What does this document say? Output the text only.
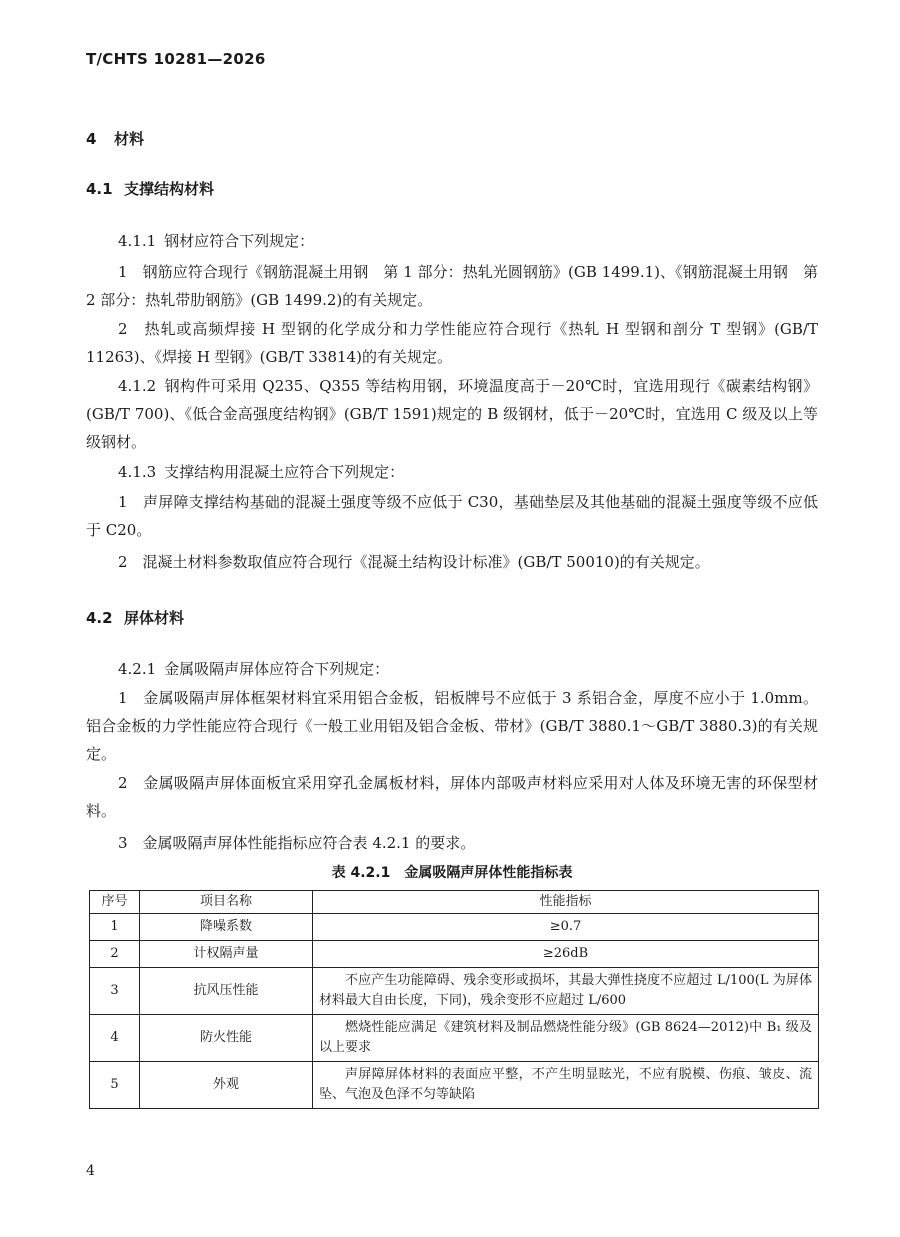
T/CHTS 10281—2026
4 材料
4.1 支撑结构材料

4.1.1 钢材应符合下列规定：

1　钢筋应符合现行《钢筋混凝土用钢　第 1 部分：热轧光圆钢筋》(GB 1499.1)、《钢筋混凝土用钢　第2 部分：热轧带肋钢筋》(GB 1499.2)的有关规定。

2　热轧或高频焊接 H 型钢的化学成分和力学性能应符合现行《热轧 H 型钢和剖分 T 型钢》(GB/T 11263)、《焊接 H 型钢》(GB/T 33814)的有关规定。

4.1.2 钢构件可采用 Q235、Q355 等结构用钢，环境温度高于－20℃时，宜选用现行《碳素结构钢》(GB/T 700)、《低合金高强度结构钢》(GB/T 1591)规定的 B 级钢材，低于－20℃时，宜选用 C 级及以上等级钢材。

4.1.3 支撑结构用混凝土应符合下列规定：

1　声屏障支撑结构基础的混凝土强度等级不应低于 C30，基础垫层及其他基础的混凝土强度等级不应低于 C20。

2　混凝土材料参数取值应符合现行《混凝土结构设计标准》(GB/T 50010)的有关规定。

4.2 屏体材料

4.2.1 金属吸隔声屏体应符合下列规定：

1　金属吸隔声屏体框架材料宜采用铝合金板，铝板牌号不应低于 3 系铝合金，厚度不应小于 1.0mm。铝合金板的力学性能应符合现行《一般工业用铝及铝合金板、带材》(GB/T 3880.1～GB/T 3880.3)的有关规定。

2　金属吸隔声屏体面板宜采用穿孔金属板材料，屏体内部吸声材料应采用对人体及环境无害的环保型材料。

3　金属吸隔声屏体性能指标应符合表 4.2.1 的要求。

表 4.2.1　金属吸隔声屏体性能指标表
序号	项目名称	性能指标
1	降噪系数	≥0.7
2	计权隔声量	≥26dB
3	抗风压性能	不应产生功能障碍、残余变形或损坏，其最大弹性挠度不应超过 L/100(L 为屏体材料最大自由长度，下同)，残余变形不应超过 L/600
4	防火性能	燃烧性能应满足《建筑材料及制品燃烧性能分级》(GB 8624—2012)中 B₁ 级及以上要求
5	外观	声屏障屏体材料的表面应平整，不产生明显眩光，不应有脱模、伤痕、皱皮、流坠、气泡及色泽不匀等缺陷
4
